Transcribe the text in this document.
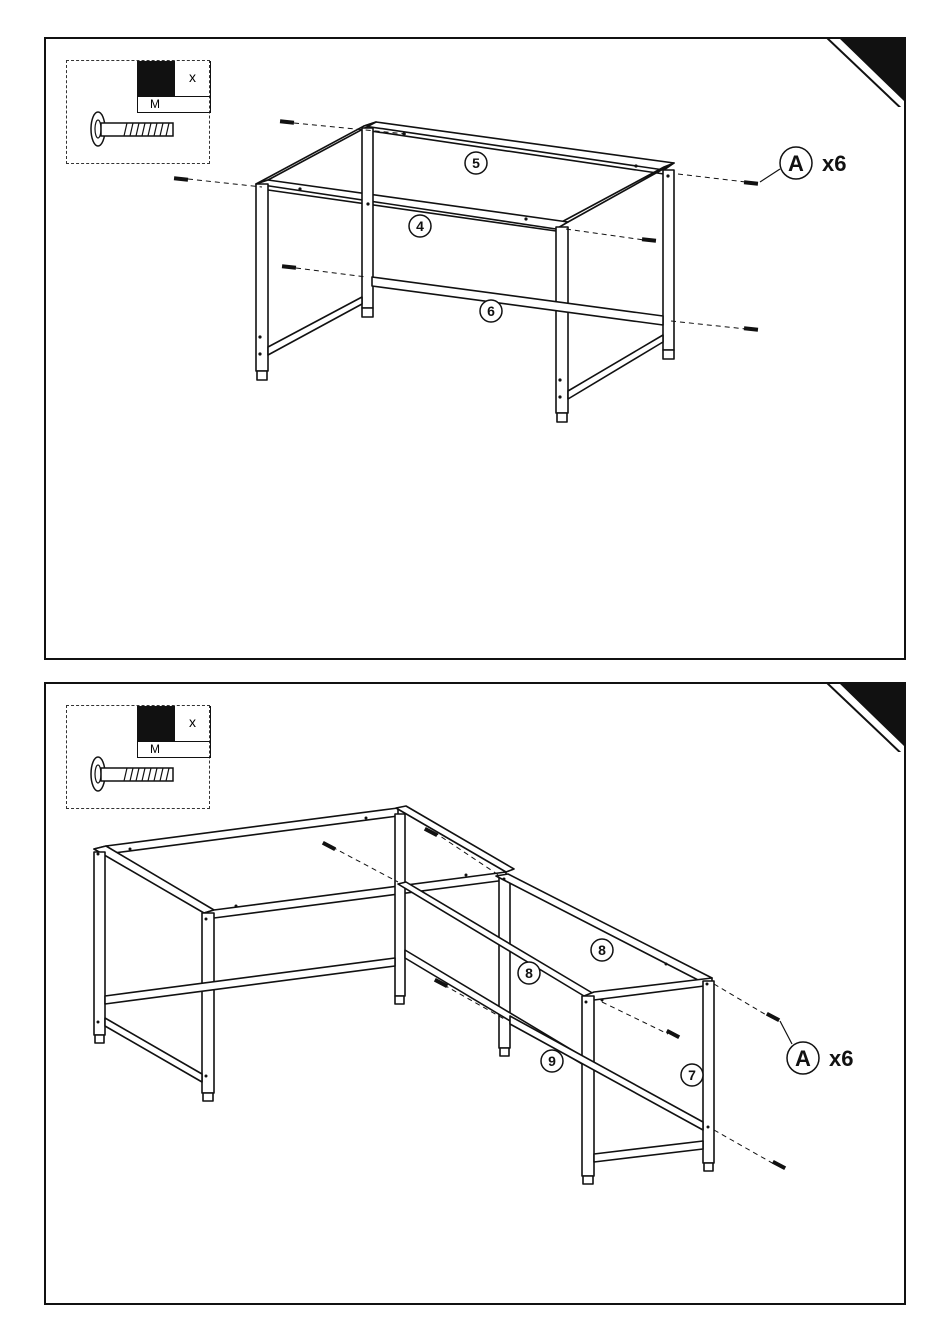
x
M
5
4
6
A x6
x
M
8
8
9
7
A x6
